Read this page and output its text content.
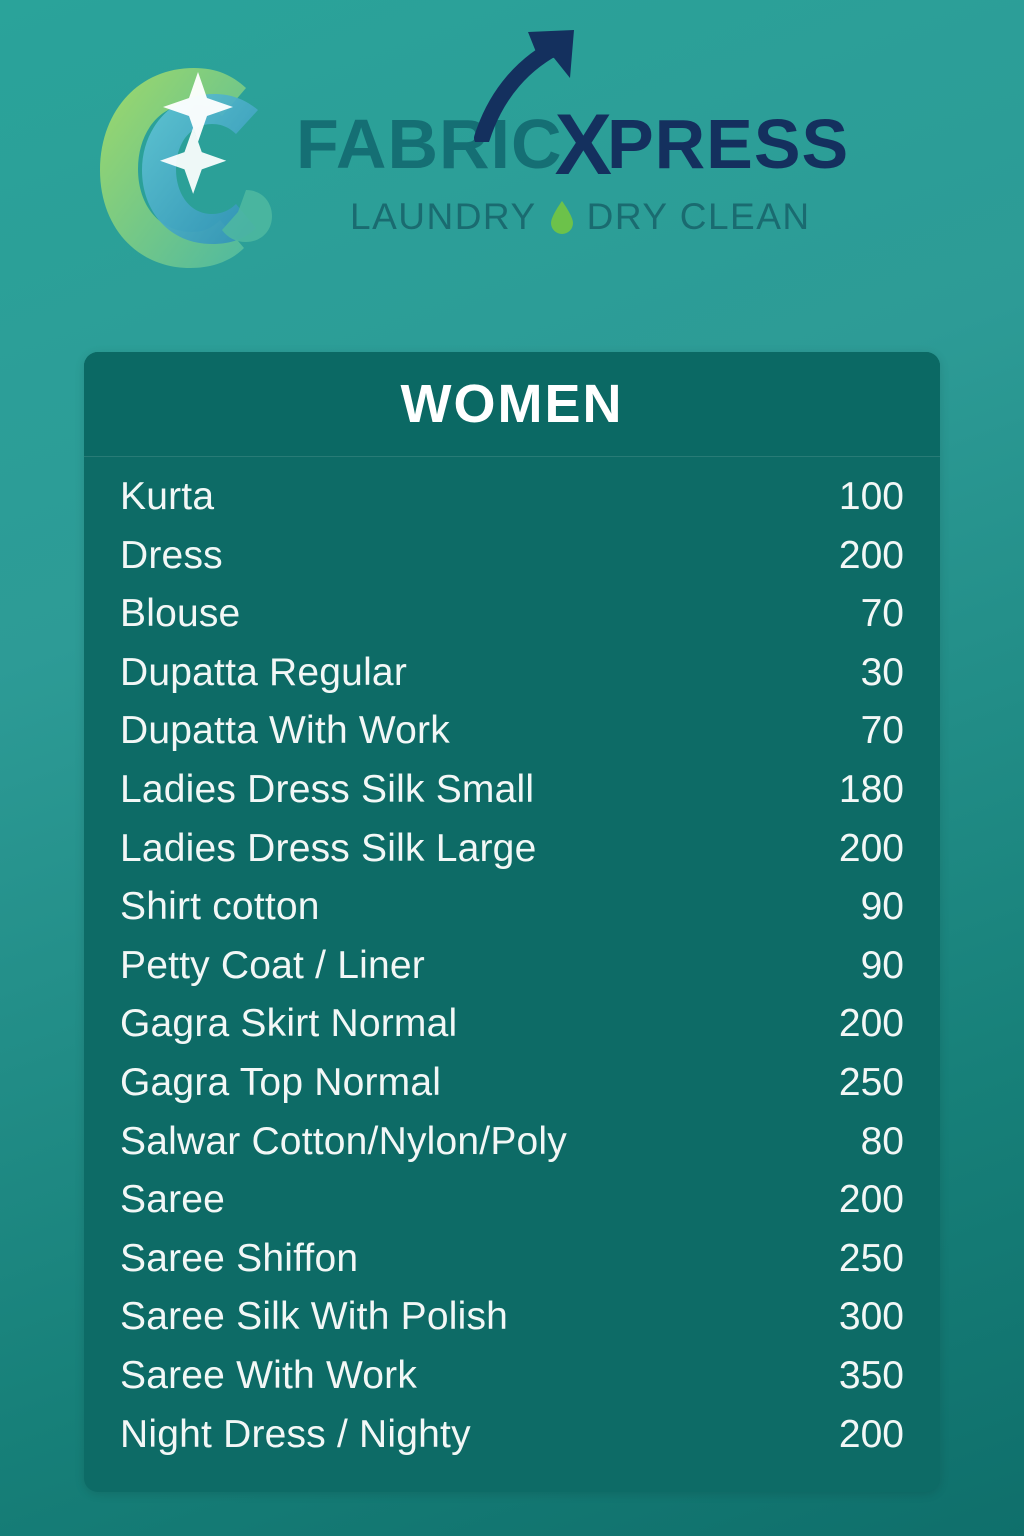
FABRICXPRESS
LAUNDRY DRY CLEAN
WOMEN
Kurta	100
Dress	200
Blouse	70
Dupatta Regular	30
Dupatta With Work	70
Ladies Dress Silk Small	180
Ladies Dress Silk Large	200
Shirt cotton	90
Petty Coat / Liner	90
Gagra Skirt Normal	200
Gagra Top Normal	250
Salwar Cotton/Nylon/Poly	80
Saree	200
Saree Shiffon	250
Saree Silk With Polish	300
Saree With Work	350
Night Dress / Nighty	200
